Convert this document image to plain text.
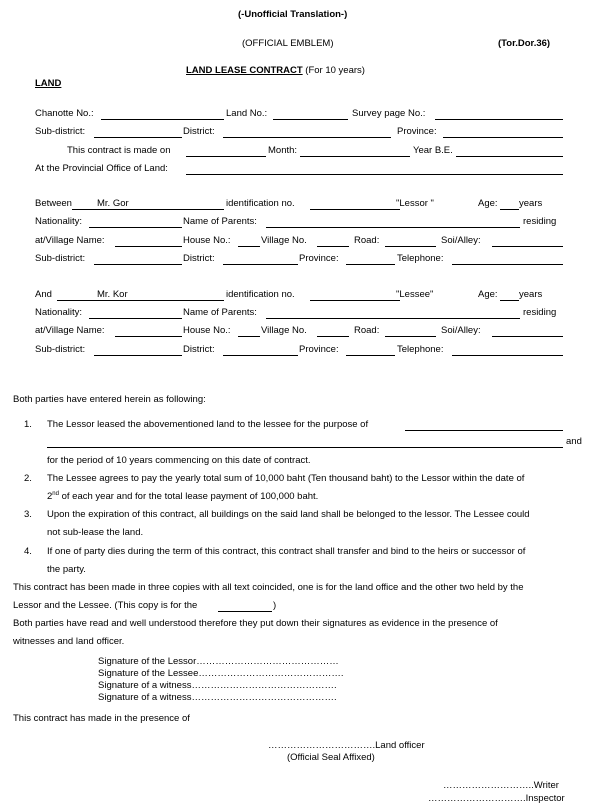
(-Unofficial Translation-)
(OFFICIAL EMBLEM)	(Tor.Dor.36)
LAND LEASE CONTRACT (For 10 years)
LAND
Chanotte No.:	Land No.:	Survey page No.:
Sub-district:	District:	Province:
This contract is made on	Month:	Year B.E.
At the Provincial Office of Land:
Between	Mr. Gor	identification no.	"Lessor "	Age: years
Nationality:	Name of Parents:	residing
at/Village Name:	House No.:	Village No.	Road:	Soi/Alley:
Sub-district:	District:	Province:	Telephone:
And	Mr. Kor	identification no.	"Lessee"	Age: years
Nationality:	Name of Parents:	residing
at/Village Name:	House No.:	Village No.	Road:	Soi/Alley:
Sub-district:	District:	Province:	Telephone:
Both parties have entered herein as following:
1. The Lessor leased the abovementioned land to the lessee for the purpose of
and
for the period of 10 years commencing on this date of contract.
2. The Lessee agrees to pay the yearly total sum of 10,000 baht (Ten thousand baht) to the Lessor within the date of
2nd of each year and for the total lease payment of 100,000 baht.
3. Upon the expiration of this contract, all buildings on the said land shall be belonged to the lessor. The Lessee could
not sub-lease the land.
4. If one of party dies during the term of this contract, this contract shall transfer and bind to the heirs or successor of
the party.
This contract has been made in three copies with all text coincided, one is for the land office and the other two held by the
Lessor and the Lessee. (This copy is for the	)
Both parties have read and well understood therefore they put down their signatures as evidence in the presence of
witnesses and land officer.
Signature of the Lessor………………………………………
Signature of the Lessee……………………………………….
Signature of a witness……………………………………….
Signature of a witness……………………………………….
This contract has made in the presence of
…………………………….Land officer
(Official Seal Affixed)
………………………..Writer
………………………….Inspector
